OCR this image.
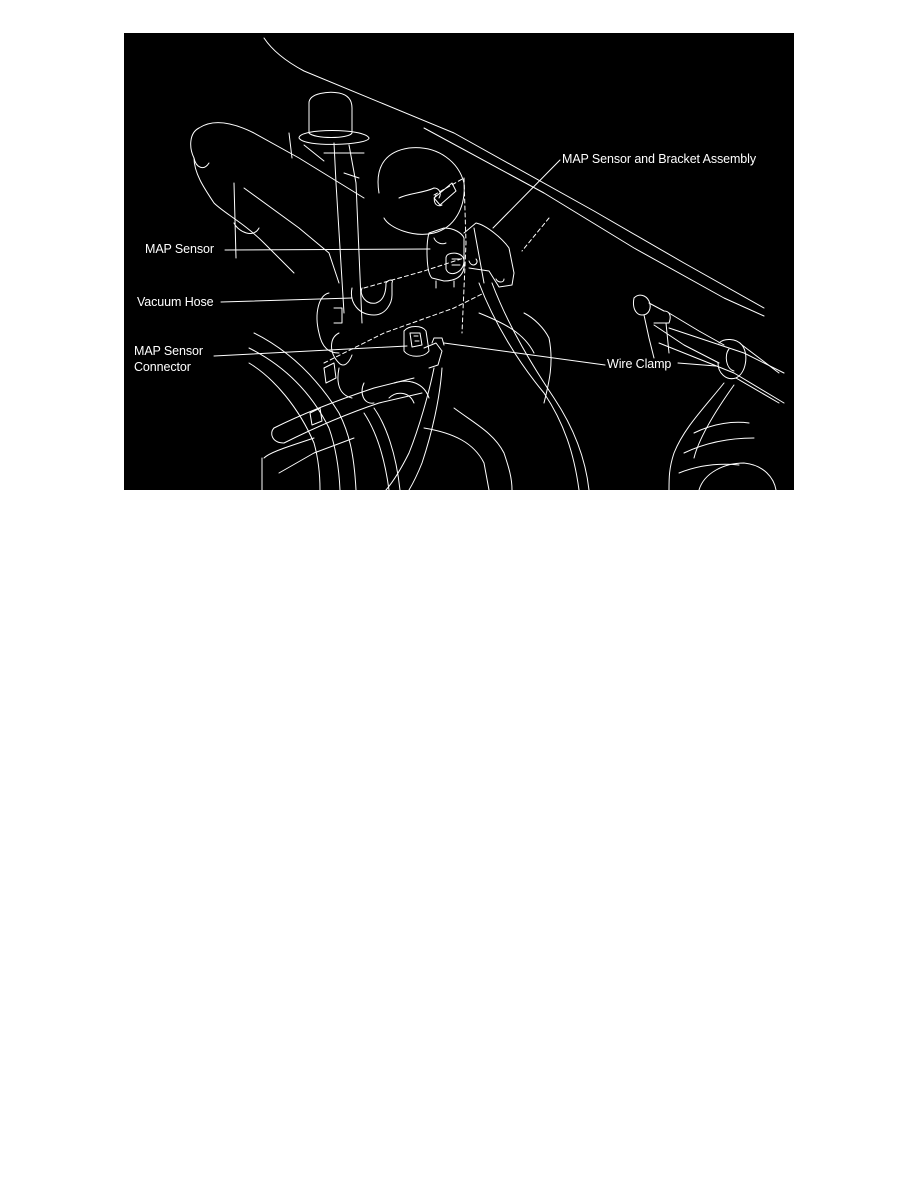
MAP Sensor and Bracket Assembly
MAP Sensor
Vacuum Hose
MAP Sensor
Connector	Wire Clamp
